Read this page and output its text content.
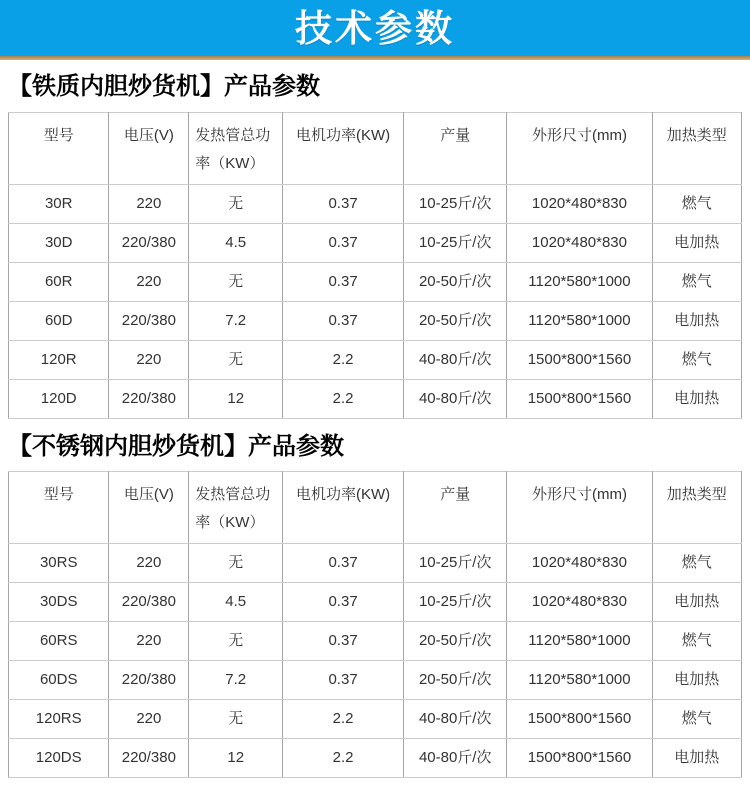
技术参数
【铁质内胆炒货机】产品参数
型号	电压(V)	发热管总功率（KW）	电机功率(KW)	产量	外形尺寸(mm)	加热类型
30R	220	无	0.37	10-25斤/次	1020*480*830	燃气
30D	220/380	4.5	0.37	10-25斤/次	1020*480*830	电加热
60R	220	无	0.37	20-50斤/次	1120*580*1000	燃气
60D	220/380	7.2	0.37	20-50斤/次	1120*580*1000	电加热
120R	220	无	2.2	40-80斤/次	1500*800*1560	燃气
120D	220/380	12	2.2	40-80斤/次	1500*800*1560	电加热
【不锈钢内胆炒货机】产品参数
型号	电压(V)	发热管总功率（KW）	电机功率(KW)	产量	外形尺寸(mm)	加热类型
30RS	220	无	0.37	10-25斤/次	1020*480*830	燃气
30DS	220/380	4.5	0.37	10-25斤/次	1020*480*830	电加热
60RS	220	无	0.37	20-50斤/次	1120*580*1000	燃气
60DS	220/380	7.2	0.37	20-50斤/次	1120*580*1000	电加热
120RS	220	无	2.2	40-80斤/次	1500*800*1560	燃气
120DS	220/380	12	2.2	40-80斤/次	1500*800*1560	电加热
